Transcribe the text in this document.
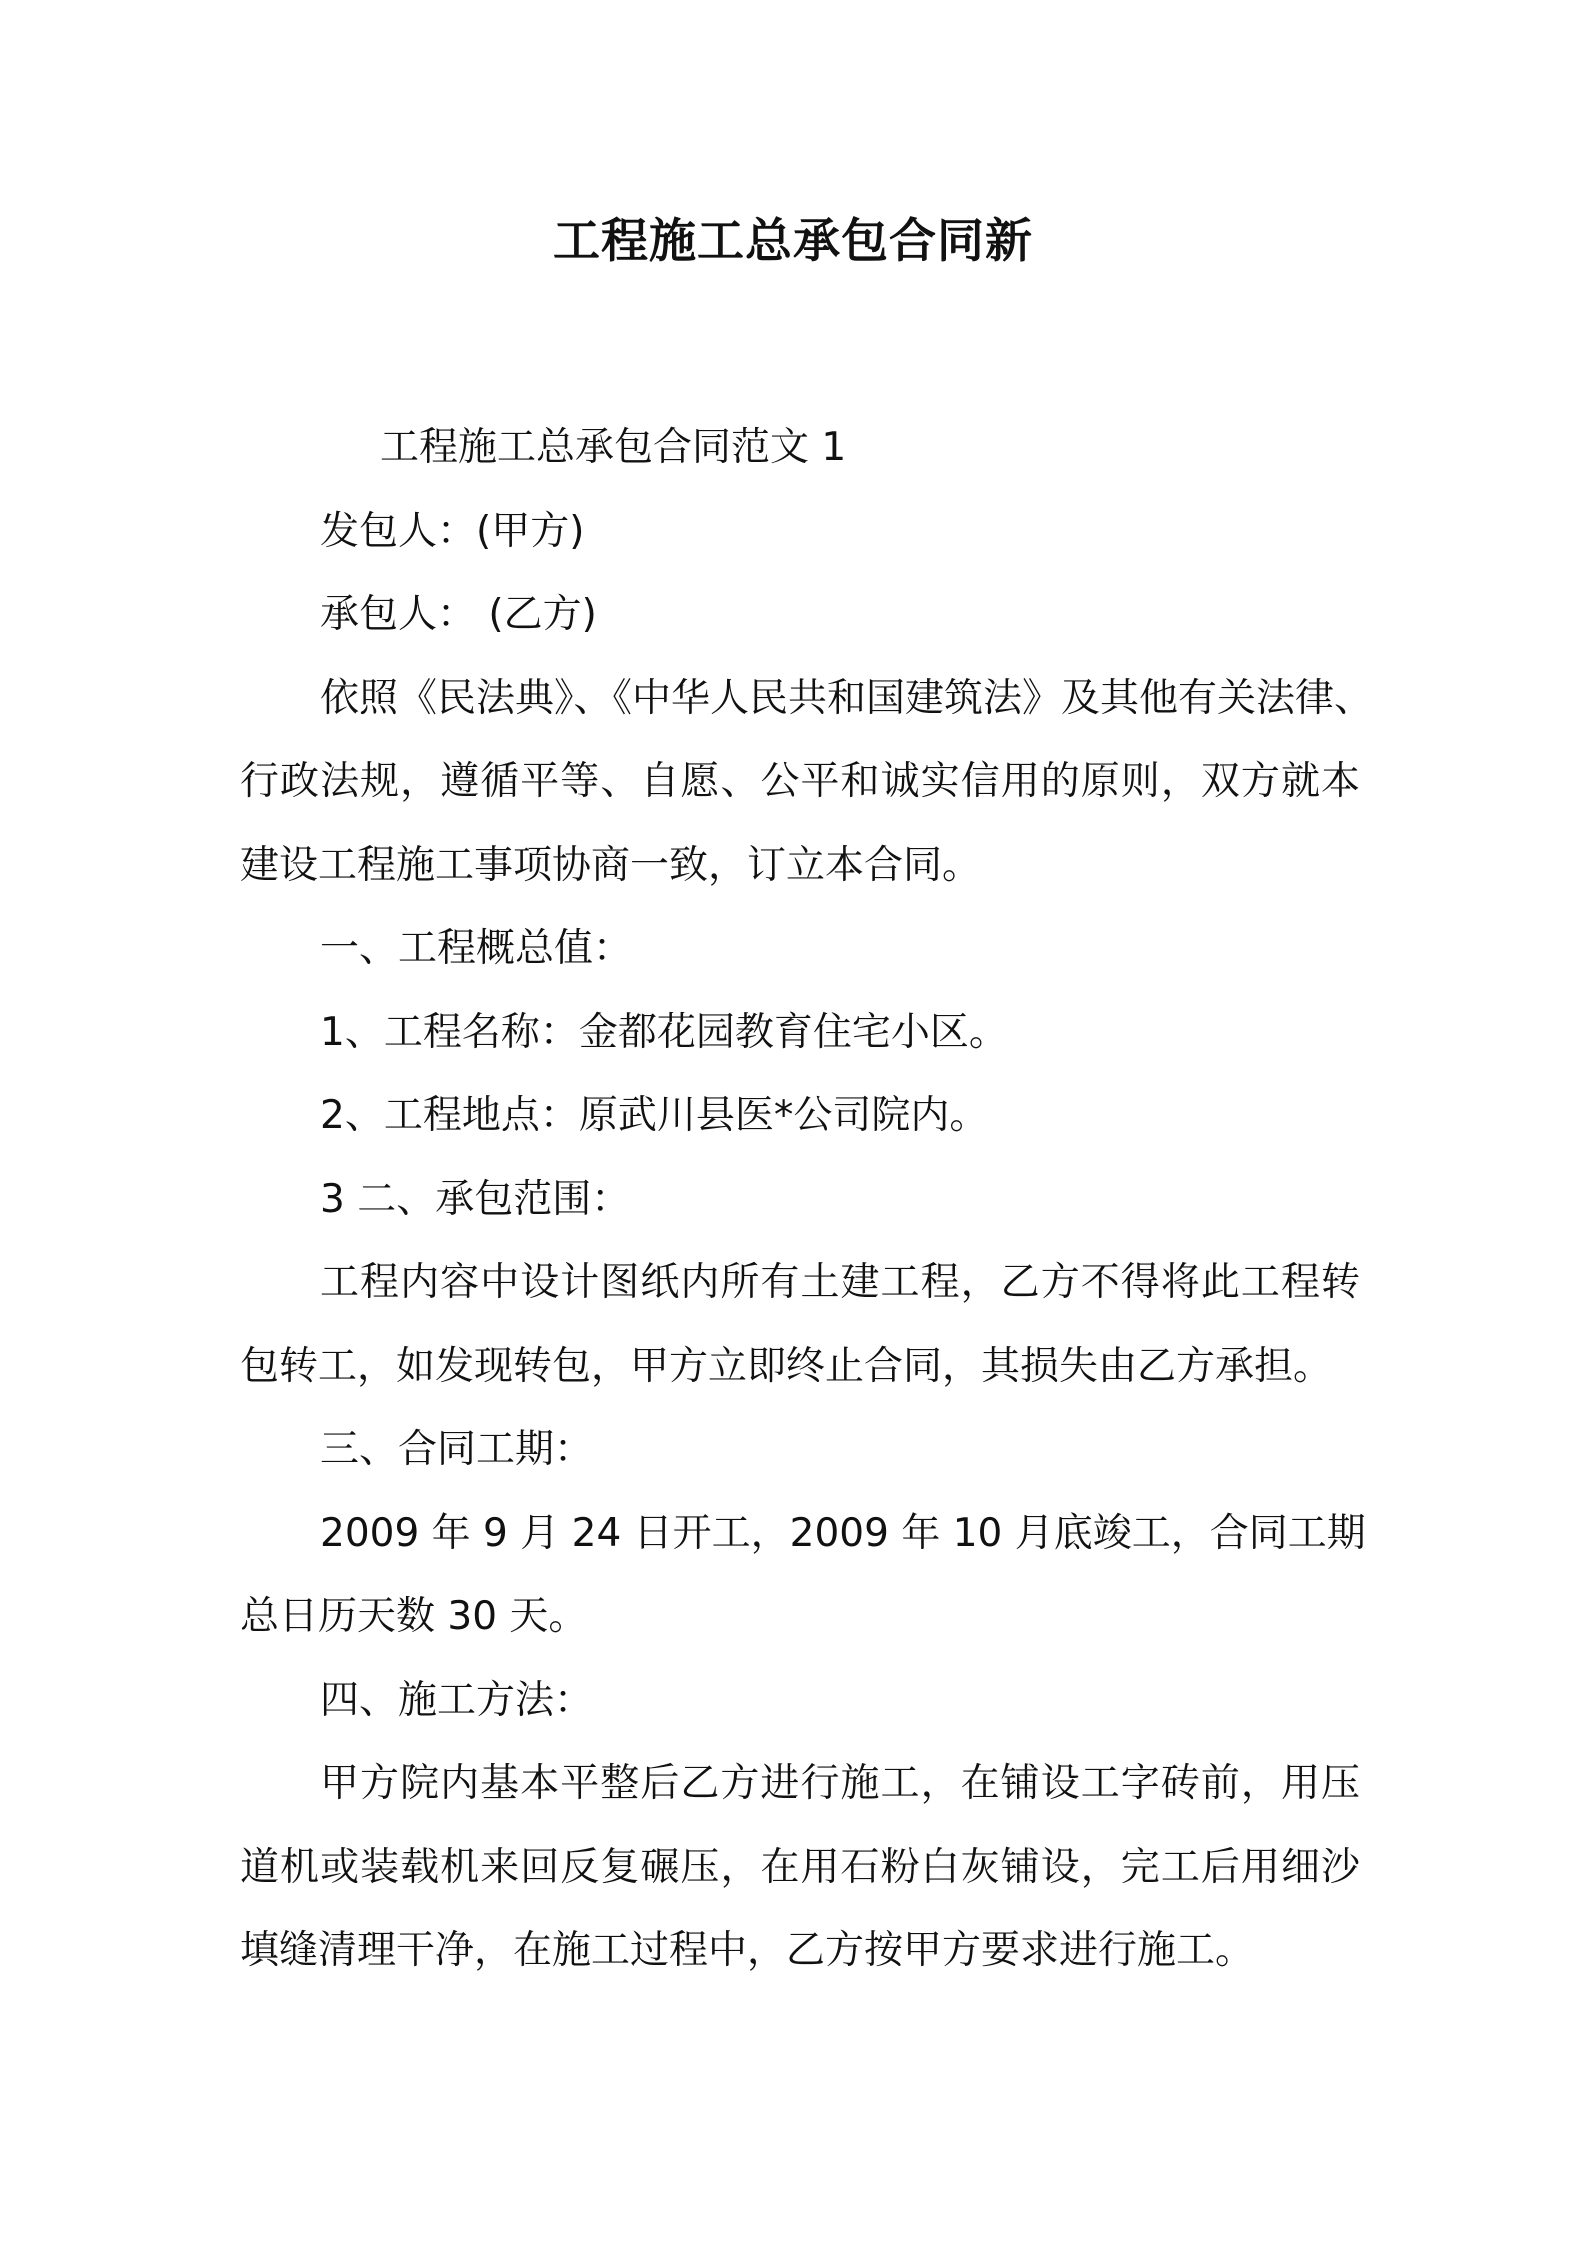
工程施工总承包合同新
工程施工总承包合同范文 1
发包人：(甲方)
承包人： (乙方)
依照《民法典》、《中华人民共和国建筑法》及其他有关法律、
行政法规，遵循平等、自愿、公平和诚实信用的原则，双方就本
建设工程施工事项协商一致，订立本合同。
一、工程概总值：
1、工程名称：金都花园教育住宅小区。
2、工程地点：原武川县医*公司院内。
3 二、承包范围：
工程内容中设计图纸内所有土建工程，乙方不得将此工程转
包转工，如发现转包，甲方立即终止合同，其损失由乙方承担。
三、合同工期：
2009 年 9 月 24 日开工，2009 年 10 月底竣工，合同工期
总日历天数 30 天。
四、施工方法：
甲方院内基本平整后乙方进行施工，在铺设工字砖前，用压
道机或装载机来回反复碾压，在用石粉白灰铺设，完工后用细沙
填缝清理干净，在施工过程中，乙方按甲方要求进行施工。
